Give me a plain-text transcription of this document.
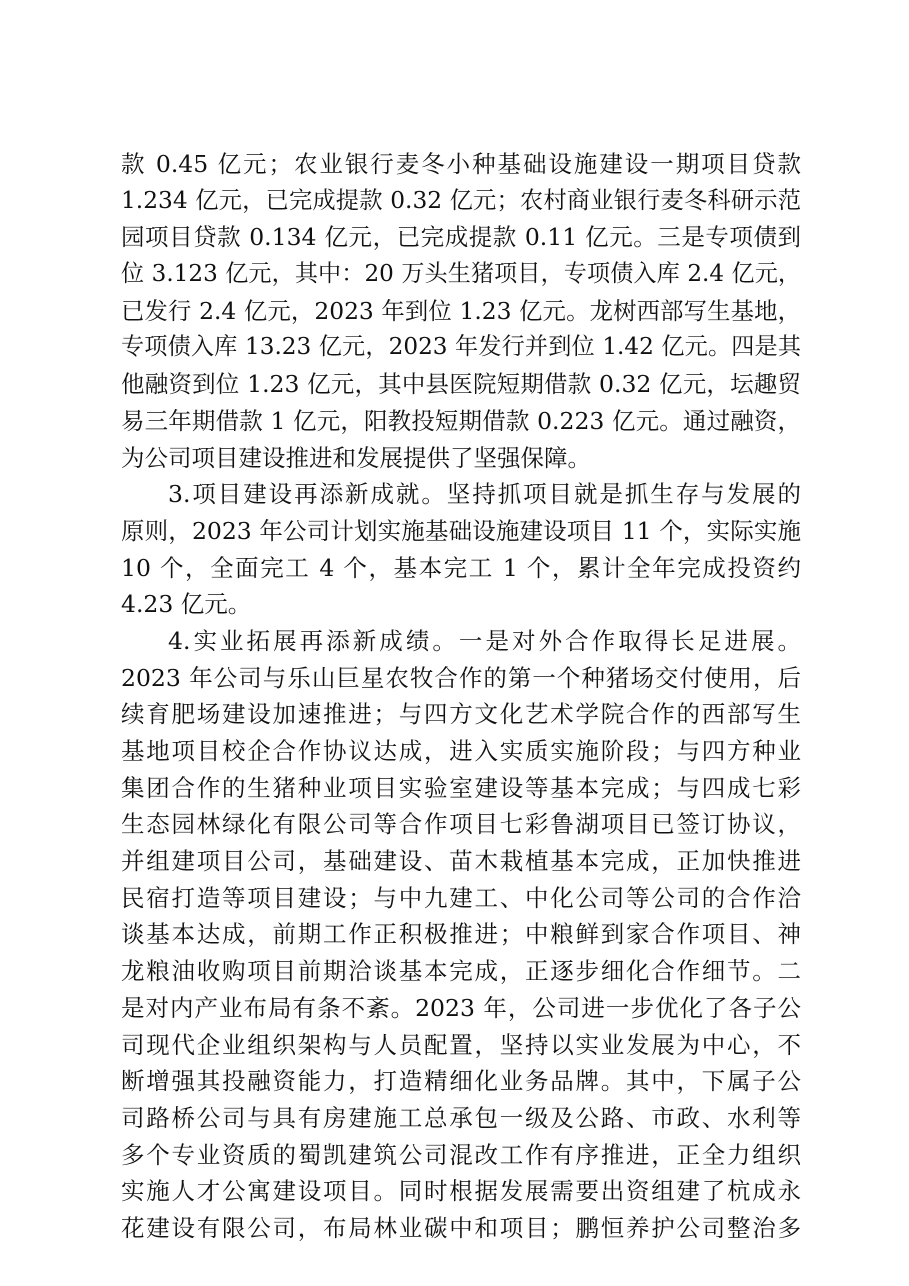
款 0.45 亿元；农业银行麦冬小种基础设施建设一期项目贷款
1.234 亿元，已完成提款 0.32 亿元；农村商业银行麦冬科研示范
园项目贷款 0.134 亿元，已完成提款 0.11 亿元。三是专项债到
位 3.123 亿元，其中：20 万头生猪项目，专项债入库 2.4 亿元，
已发行 2.4 亿元，2023 年到位 1.23 亿元。龙树西部写生基地，
专项债入库 13.23 亿元，2023 年发行并到位 1.42 亿元。四是其
他融资到位 1.23 亿元，其中县医院短期借款 0.32 亿元，坛趣贸
易三年期借款 1 亿元，阳教投短期借款 0.223 亿元。通过融资，
为公司项目建设推进和发展提供了坚强保障。
3.项目建设再添新成就。坚持抓项目就是抓生存与发展的
原则，2023 年公司计划实施基础设施建设项目 11 个，实际实施
10 个，全面完工 4 个，基本完工 1 个，累计全年完成投资约
4.23 亿元。
4.实业拓展再添新成绩。一是对外合作取得长足进展。
2023 年公司与乐山巨星农牧合作的第一个种猪场交付使用，后
续育肥场建设加速推进；与四方文化艺术学院合作的西部写生
基地项目校企合作协议达成，进入实质实施阶段；与四方种业
集团合作的生猪种业项目实验室建设等基本完成；与四成七彩
生态园林绿化有限公司等合作项目七彩鲁湖项目已签订协议，
并组建项目公司，基础建设、苗木栽植基本完成，正加快推进
民宿打造等项目建设；与中九建工、中化公司等公司的合作洽
谈基本达成，前期工作正积极推进；中粮鲜到家合作项目、神
龙粮油收购项目前期洽谈基本完成，正逐步细化合作细节。二
是对内产业布局有条不紊。2023 年，公司进一步优化了各子公
司现代企业组织架构与人员配置，坚持以实业发展为中心，不
断增强其投融资能力，打造精细化业务品牌。其中，下属子公
司路桥公司与具有房建施工总承包一级及公路、市政、水利等
多个专业资质的蜀凯建筑公司混改工作有序推进，正全力组织
实施人才公寓建设项目。同时根据发展需要出资组建了杭成永
花建设有限公司，布局林业碳中和项目；鹏恒养护公司整治多
